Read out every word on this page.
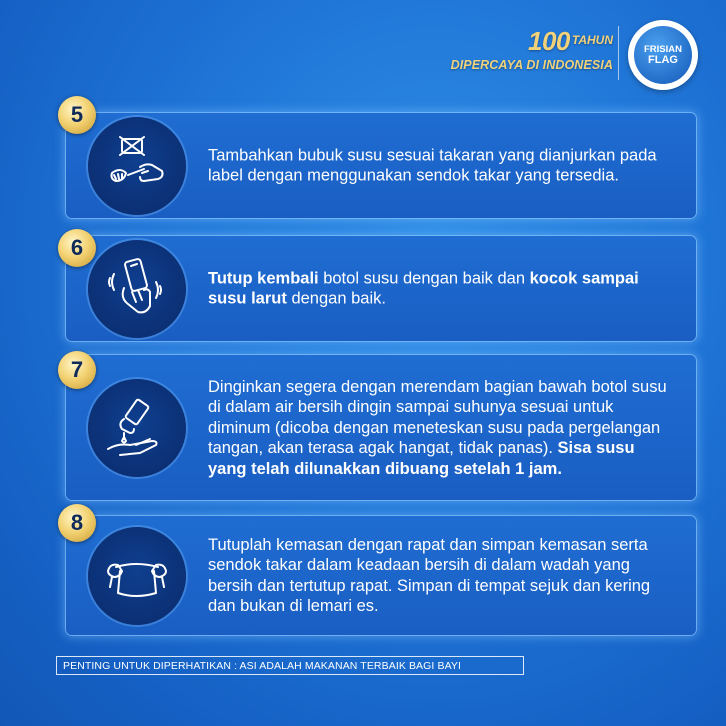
100 $^{TAHUN}$
DIPERCAYA DI INDONESIA
FRISIAN
FLAG
Tambahkan bubuk susu sesuai takaran yang dianjurkan pada label dengan menggunakan sendok takar yang tersedia.
5
Tutup kembali botol susu dengan baik dan kocok sampai susu larut dengan baik.
6
Dinginkan segera dengan merendam bagian bawah botol susu di dalam air bersih dingin sampai suhunya sesuai untuk diminum (dicoba dengan meneteskan susu pada pergelangan tangan, akan terasa agak hangat, tidak panas). Sisa susu yang telah dilunakkan dibuang setelah 1 jam.
7
Tutuplah kemasan dengan rapat dan simpan kemasan serta sendok takar dalam keadaan bersih di dalam wadah yang bersih dan tertutup rapat. Simpan di tempat sejuk dan kering dan bukan di lemari es.
8
PENTING UNTUK DIPERHATIKAN : ASI ADALAH MAKANAN TERBAIK BAGI BAYI
